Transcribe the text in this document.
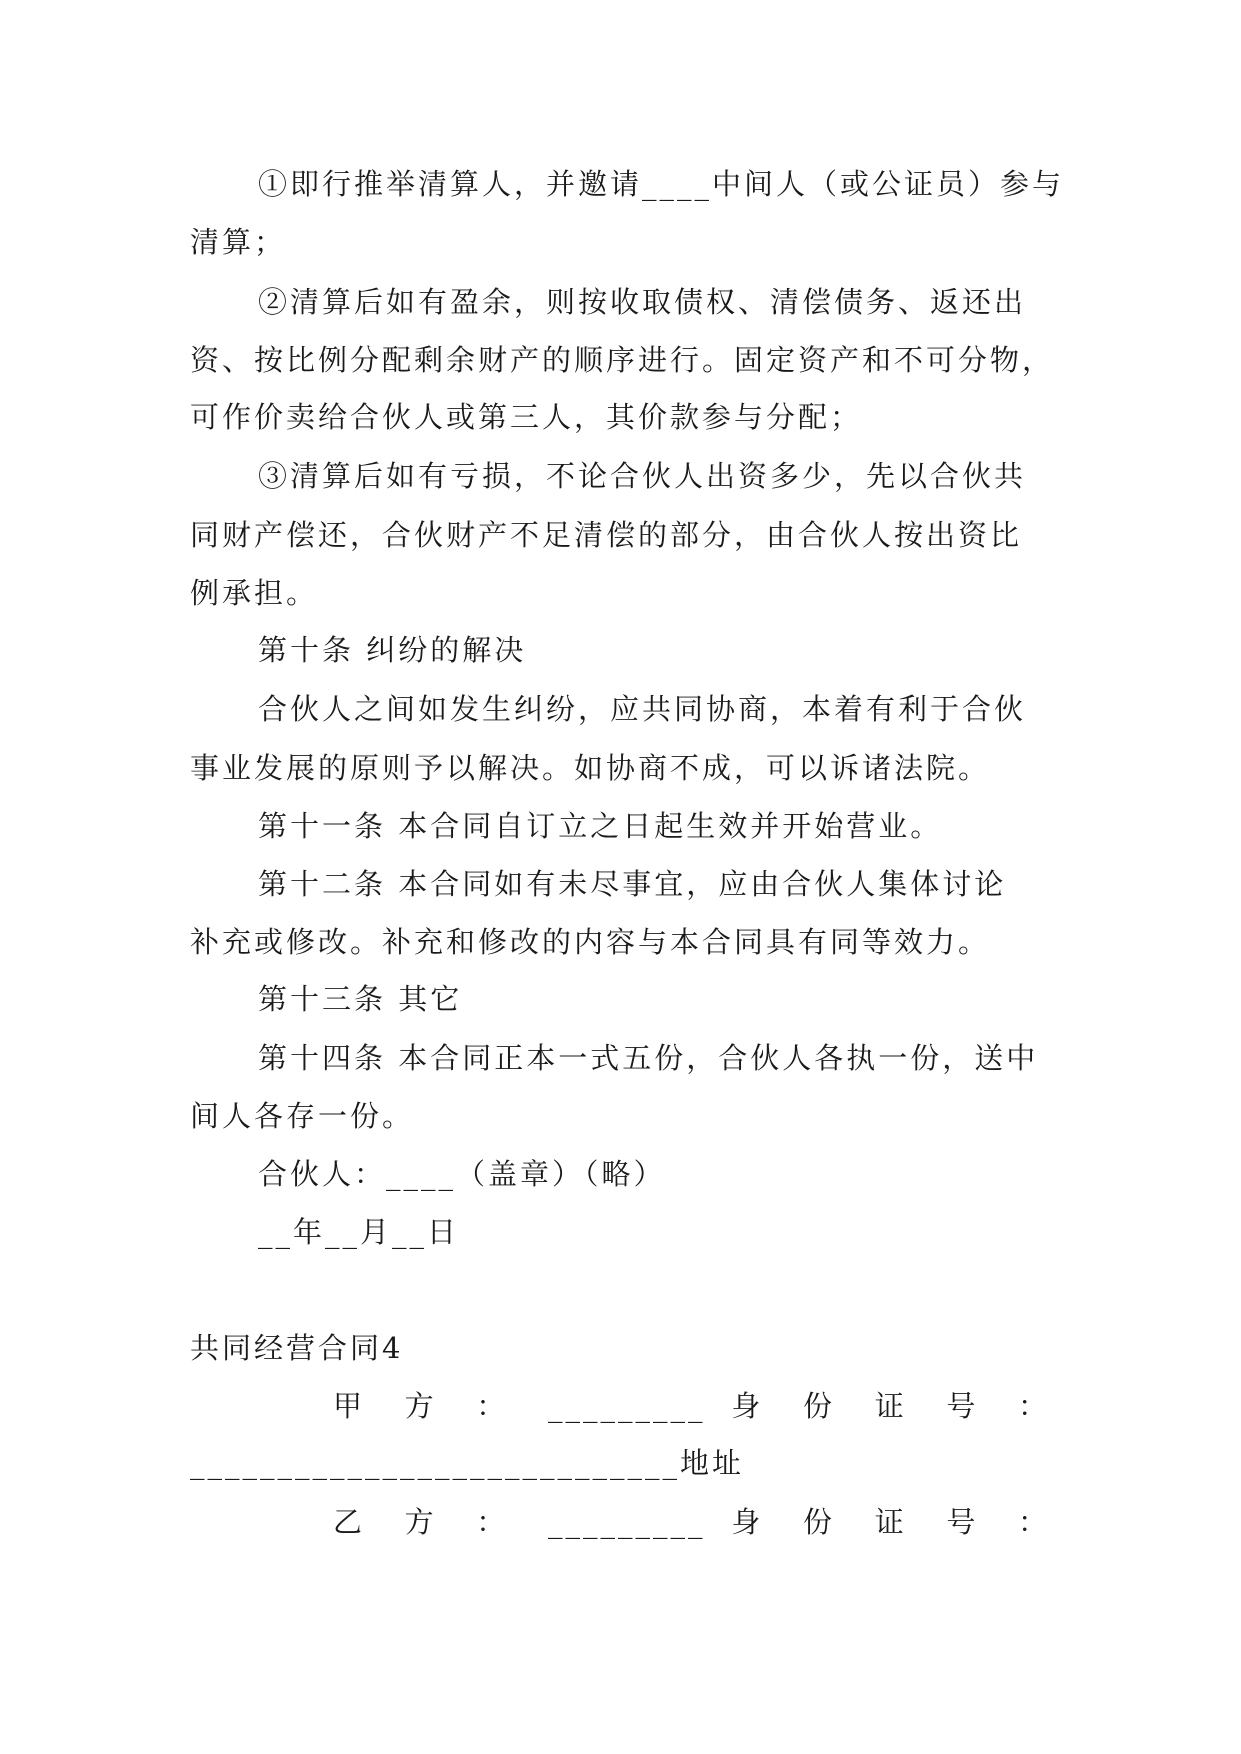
①即行推举清算人，并邀请____中间人（或公证员）参与
清算；
②清算后如有盈余，则按收取债权、清偿债务、返还出
资、按比例分配剩余财产的顺序进行。固定资产和不可分物，
可作价卖给合伙人或第三人，其价款参与分配；
③清算后如有亏损，不论合伙人出资多少，先以合伙共
同财产偿还，合伙财产不足清偿的部分，由合伙人按出资比
例承担。
第十条 纠纷的解决
合伙人之间如发生纠纷，应共同协商，本着有利于合伙
事业发展的原则予以解决。如协商不成，可以诉诸法院。
第十一条 本合同自订立之日起生效并开始营业。
第十二条 本合同如有未尽事宜，应由合伙人集体讨论
补充或修改。补充和修改的内容与本合同具有同等效力。
第十三条 其它
第十四条 本合同正本一式五份，合伙人各执一份，送中
间人各存一份。
合伙人：____（盖章）（略）
__年__月__日
共同经营合同4
甲 方 ： _________ 身 份 证 号 ：
____________________________地址
乙 方 ： _________ 身 份 证 号 ：
